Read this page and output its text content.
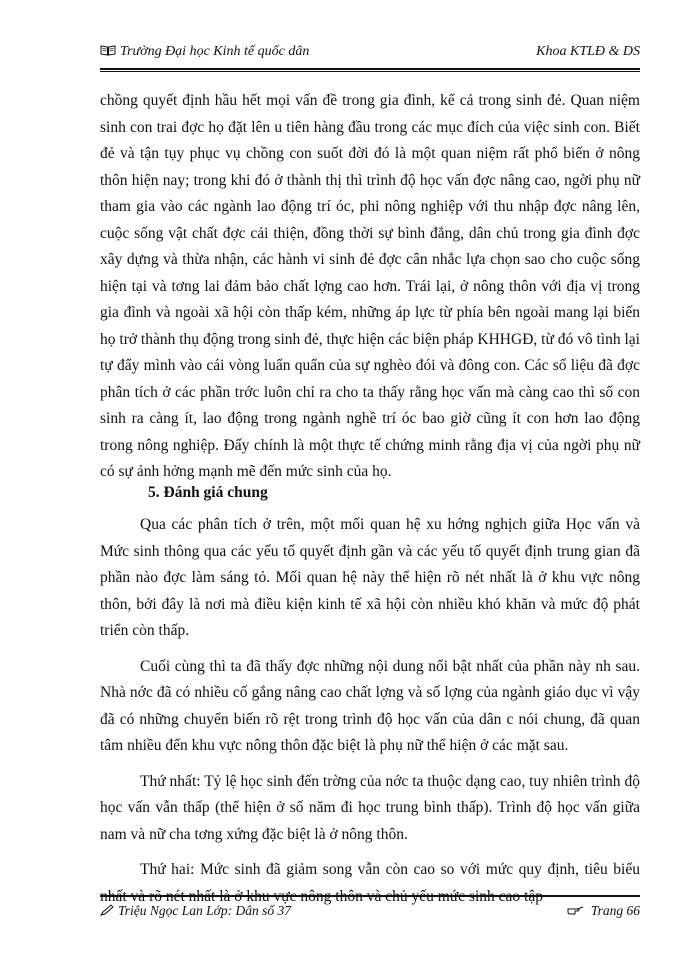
Trường Đại học Kinh tế quốc dân	Khoa KTLĐ & DS

chồng quyết định hầu hết mọi vấn đề trong gia đình, kể cả trong sinh đẻ. Quan niệm sinh con trai đợc họ đặt lên u tiên hàng đầu trong các mục đích của việc sinh con. Biết đẻ và tận tụy phục vụ chồng con suốt đời đó là một quan niệm rất phổ biến ở nông thôn hiện nay; trong khi đó ở thành thị thì trình độ học vấn đợc nâng cao, ngời phụ nữ tham gia vào các ngành lao động trí óc, phi nông nghiệp với thu nhập đợc nâng lên, cuộc sống vật chất đợc cải thiện, đồng thời sự bình đẳng, dân chủ trong gia đình đợc xây dựng và thừa nhận, các hành vi sinh đẻ đợc cân nhắc lựa chọn sao cho cuộc sống hiện tại và tơng lai đảm bảo chất lợng cao hơn. Trái lại, ở nông thôn với địa vị trong gia đình và ngoài xã hội còn thấp kém, những áp lực từ phía bên ngoài mang lại biến họ trở thành thụ động trong sinh đẻ, thực hiện các biện pháp KHHGĐ, từ đó vô tình lại tự đẩy mình vào cái vòng luẩn quẩn của sự nghèo đói và đông con. Các số liệu đã đợc phân tích ở các phần trớc luôn chỉ ra cho ta thấy rằng học vấn mà càng cao thì số con sinh ra càng ít, lao động trong ngành nghề trí óc bao giờ cũng ít con hơn lao động trong nông nghiệp. Đấy chính là một thực tế chứng minh rằng địa vị của ngời phụ nữ có sự ảnh hởng mạnh mẽ đến mức sinh của họ.

5. Đánh giá chung

Qua các phân tích ở trên, một mối quan hệ xu hớng nghịch giữa Học vấn và Mức sinh thông qua các yếu tố quyết định gần và các yếu tố quyết định trung gian đã phần nào đợc làm sáng tỏ. Mối quan hệ này thể hiện rõ nét nhất là ở khu vực nông thôn, bởi đây là nơi mà điều kiện kinh tế xã hội còn nhiều khó khăn và mức độ phát triển còn thấp.

Cuối cùng thì ta đã thấy đợc những nội dung nổi bật nhất của phần này nh sau. Nhà nớc đã có nhiều cố gắng nâng cao chất lợng và số lợng của ngành giáo dục vì vậy đã có những chuyển biến rõ rệt trong trình độ học vấn của dân c nói chung, đã quan tâm nhiều đến khu vực nông thôn đặc biệt là phụ nữ thể hiện ở các mặt sau.

Thứ nhất: Tỷ lệ học sinh đến trờng của nớc ta thuộc dạng cao, tuy nhiên trình độ học vấn vẫn thấp (thể hiện ở số năm đi học trung bình thấp). Trình độ học vấn giữa nam và nữ cha tơng xứng đặc biệt là ở nông thôn.

Thứ hai: Mức sinh đã giảm song vẫn còn cao so với mức quy định, tiêu biểu nhất và rõ nét nhất là ở khu vực nông thôn và chủ yếu mức sinh cao tập

Triệu Ngọc Lan Lớp: Dân số 37	Trang 66
